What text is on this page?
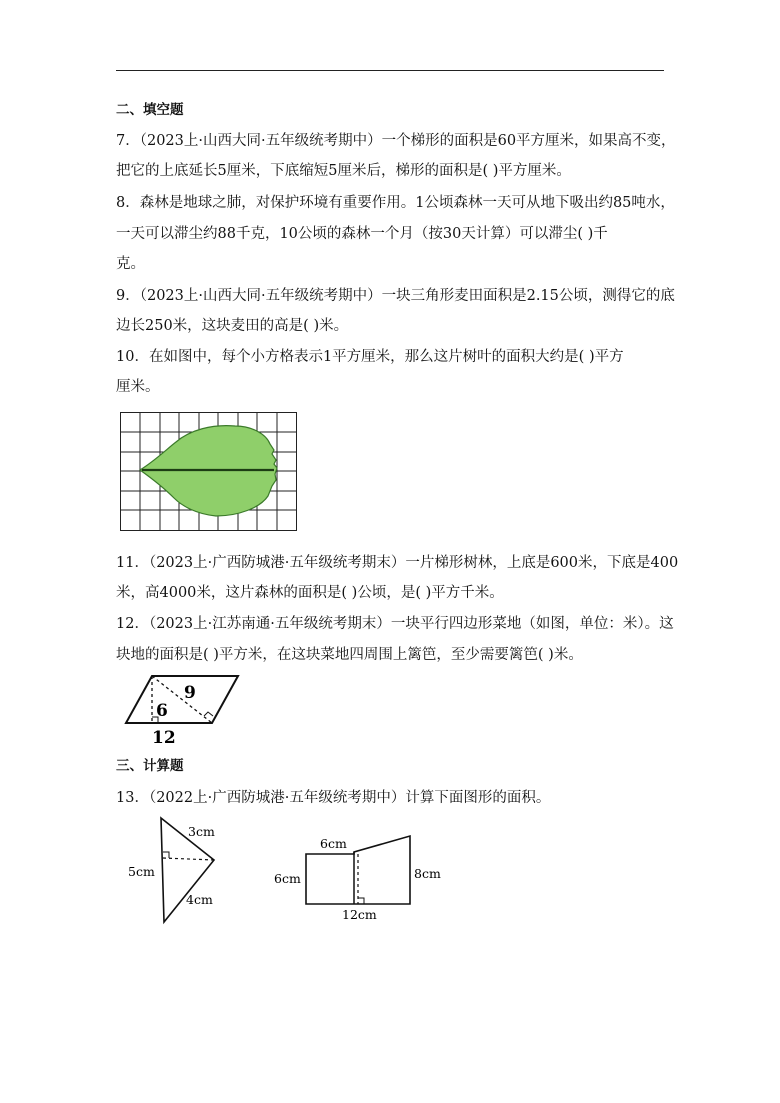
二、填空题
7．（2023上·山西大同·五年级统考期中）一个梯形的面积是60平方厘米，如果高不变，
把它的上底延长5厘米，下底缩短5厘米后，梯形的面积是( )平方厘米。
8．森林是地球之肺，对保护环境有重要作用。1公顷森林一天可从地下吸出约85吨水，
一天可以滞尘约88千克，10公顷的森林一个月（按30天计算）可以滞尘( )千
克。
9．（2023上·山西大同·五年级统考期中）一块三角形麦田面积是2.15公顷，测得它的底
边长250米，这块麦田的高是( )米。
10．在如图中，每个小方格表示1平方厘米，那么这片树叶的面积大约是( )平方
厘米。
11．（2023上·广西防城港·五年级统考期末）一片梯形树林，上底是600米，下底是400
米，高4000米，这片森林的面积是( )公顷，是( )平方千米。
12．（2023上·江苏南通·五年级统考期末）一块平行四边形菜地（如图，单位：米）。这
块地的面积是( )平方米，在这块菜地四周围上篱笆，至少需要篱笆( )米。
9
6
12
三、计算题
13．（2022上·广西防城港·五年级统考期中）计算下面图形的面积。
3cm
5cm
4cm
6cm
6cm	8cm
12cm
